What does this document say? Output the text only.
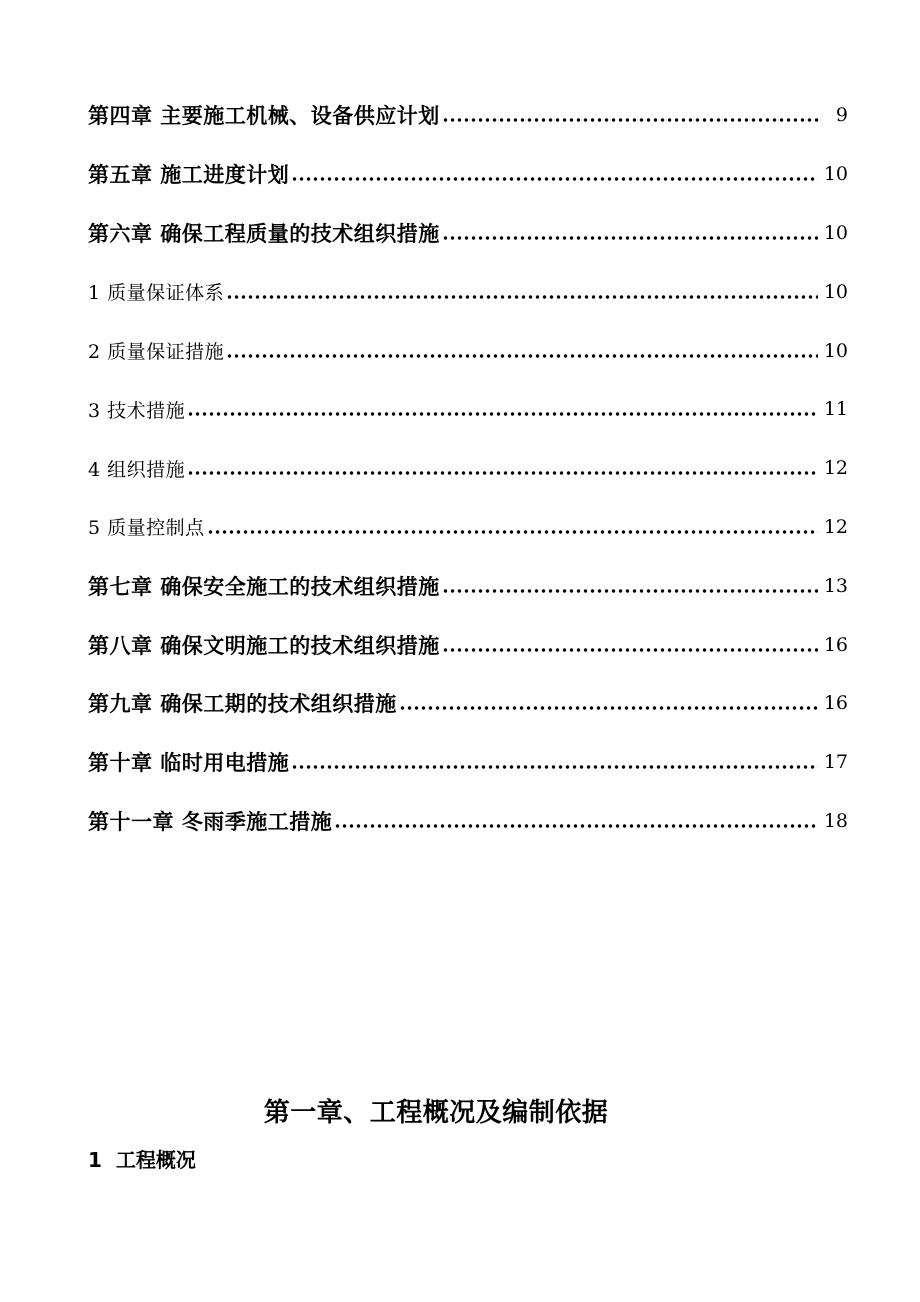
第四章 主要施工机械、设备供应计划	9
第五章 施工进度计划	10
第六章 确保工程质量的技术组织措施	10
1 质量保证体系	10
2 质量保证措施	10
3 技术措施	11
4 组织措施	12
5 质量控制点	12
第七章 确保安全施工的技术组织措施	13
第八章 确保文明施工的技术组织措施	16
第九章 确保工期的技术组织措施	16
第十章 临时用电措施	17
第十一章 冬雨季施工措施	18
第一章、工程概况及编制依据
1  工程概况
